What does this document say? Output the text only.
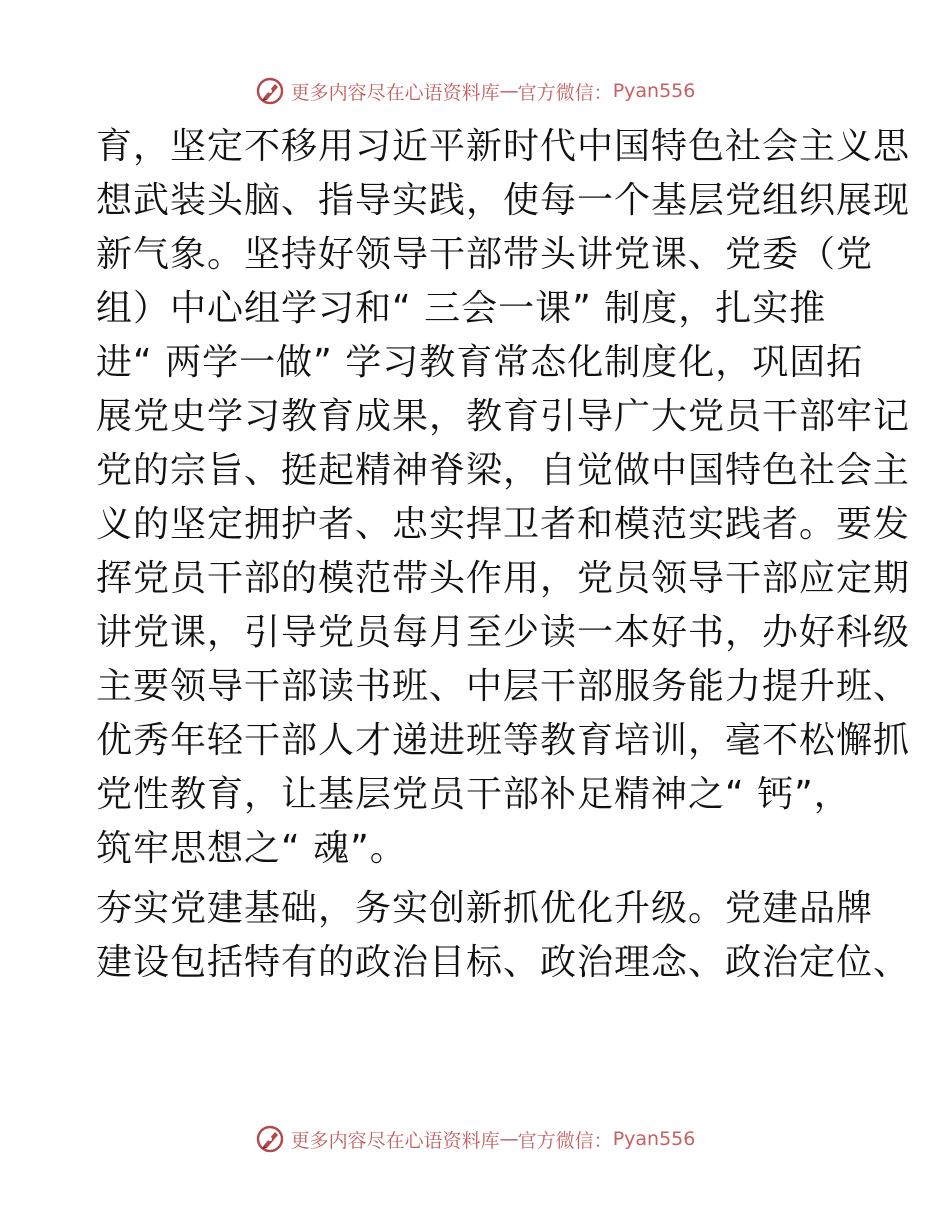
更多内容尽在心语资料库 — 官方微信： Pyan556
育，坚定不移用习近平新时代中国特色社会主义思
想武装头脑、指导实践，使每一个基层党组织展现
新气象。坚持好领导干部带头讲党课、党委（党
组）中心组学习和“ 三会一课” 制度，扎实推
进“ 两学一做” 学习教育常态化制度化，巩固拓
展党史学习教育成果，教育引导广大党员干部牢记
党的宗旨、挺起精神脊梁，自觉做中国特色社会主
义的坚定拥护者、忠实捍卫者和模范实践者。要发
挥党员干部的模范带头作用，党员领导干部应定期
讲党课，引导党员每月至少读一本好书，办好科级
主要领导干部读书班、中层干部服务能力提升班、
优秀年轻干部人才递进班等教育培训，毫不松懈抓
党性教育，让基层党员干部补足精神之“ 钙”，
筑牢思想之“ 魂”。
夯实党建基础，务实创新抓优化升级。党建品牌
建设包括特有的政治目标、政治理念、政治定位、
更多内容尽在心语资料库 — 官方微信： Pyan556
